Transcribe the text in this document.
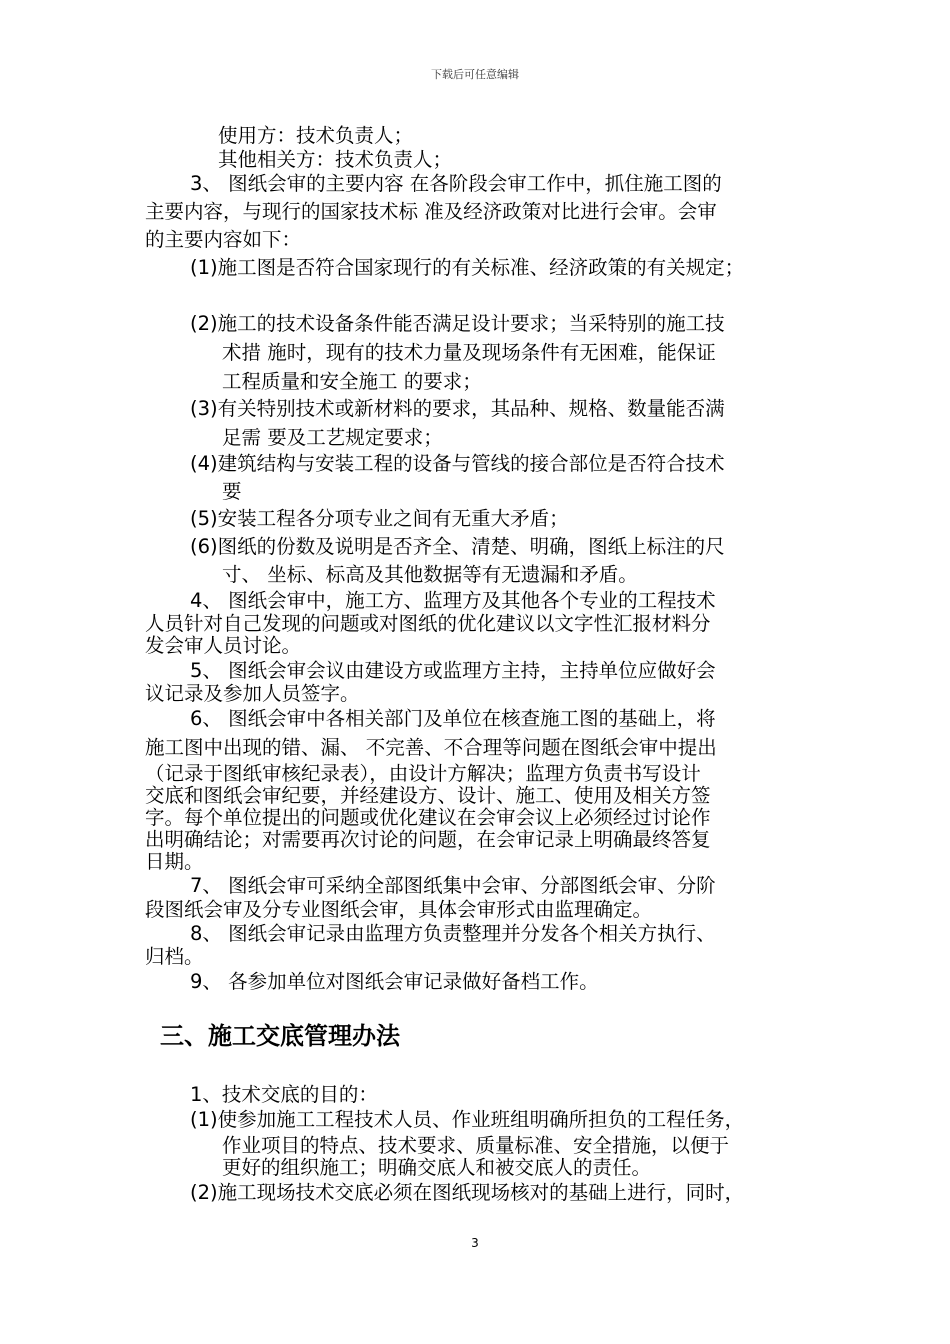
下载后可任意编辑
使用方：技术负责人；
其他相关方：技术负责人；
3、 图纸会审的主要内容 在各阶段会审工作中，抓住施工图的
主要内容，与现行的国家技术标 准及经济政策对比进行会审。会审
的主要内容如下：
(1)施工图是否符合国家现行的有关标准、经济政策的有关规定；
(2)施工的技术设备条件能否满足设计要求；当采特别的施工技
术措 施时，现有的技术力量及现场条件有无困难，能保证
工程质量和安全施工 的要求；
(3)有关特别技术或新材料的要求，其品种、规格、数量能否满
足需 要及工艺规定要求；
(4)建筑结构与安装工程的设备与管线的接合部位是否符合技术
要
(5)安装工程各分项专业之间有无重大矛盾；
(6)图纸的份数及说明是否齐全、清楚、明确，图纸上标注的尺
寸、 坐标、标高及其他数据等有无遗漏和矛盾。
4、 图纸会审中，施工方、监理方及其他各个专业的工程技术
人员针对自己发现的问题或对图纸的优化建议以文字性汇报材料分
发会审人员讨论。
5、 图纸会审会议由建设方或监理方主持，主持单位应做好会
议记录及参加人员签字。
6、 图纸会审中各相关部门及单位在核查施工图的基础上，将
施工图中出现的错、漏、 不完善、不合理等问题在图纸会审中提出
（记录于图纸审核纪录表），由设计方解决；监理方负责书写设计
交底和图纸会审纪要，并经建设方、设计、施工、使用及相关方签
字。每个单位提出的问题或优化建议在会审会议上必须经过讨论作
出明确结论；对需要再次讨论的问题，在会审记录上明确最终答复
日期。
7、 图纸会审可采纳全部图纸集中会审、分部图纸会审、分阶
段图纸会审及分专业图纸会审，具体会审形式由监理确定。
8、 图纸会审记录由监理方负责整理并分发各个相关方执行、
归档。
9、 各参加单位对图纸会审记录做好备档工作。
三、施工交底管理办法
1、技术交底的目的：
(1)使参加施工工程技术人员、作业班组明确所担负的工程任务，
作业项目的特点、技术要求、质量标准、安全措施，以便于
更好的组织施工；明确交底人和被交底人的责任。
(2)施工现场技术交底必须在图纸现场核对的基础上进行，同时，
3
